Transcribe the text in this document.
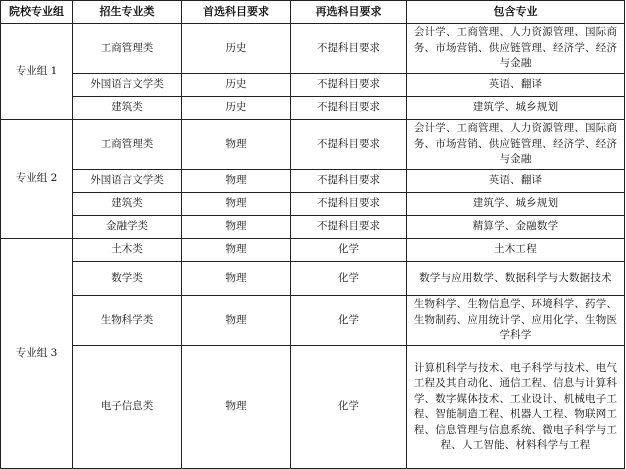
院校专业组	招生专业类	首选科目要求	再选科目要求	包含专业
专业组 1	工商管理类	历史	不提科目要求	会计学、工商管理、人力资源管理、国际商务、市场营销、供应链管理、经济学、经济与金融
	外国语言文学类	历史	不提科目要求	英语、翻译
	建筑类	历史	不提科目要求	建筑学、城乡规划
专业组 2	工商管理类	物理	不提科目要求	会计学、工商管理、人力资源管理、国际商务、市场营销、供应链管理、经济学、经济与金融
	外国语言文学类	物理	不提科目要求	英语、翻译
	建筑类	物理	不提科目要求	建筑学、城乡规划
	金融学类	物理	不提科目要求	精算学、金融数学
专业组 3	土木类	物理	化学	土木工程
	数学类	物理	化学	数学与应用数学、数据科学与大数据技术
	生物科学类	物理	化学	生物科学、生物信息学、环境科学、药学、生物制药、应用统计学、应用化学、生物医学科学
	电子信息类	物理	化学	计算机科学与技术、电子科学与技术、电气工程及其自动化、通信工程、信息与计算科学、数字媒体技术、工业设计、机械电子工程、智能制造工程、机器人工程、物联网工程、信息管理与信息系统、微电子科学与工程、人工智能、材料科学与工程
